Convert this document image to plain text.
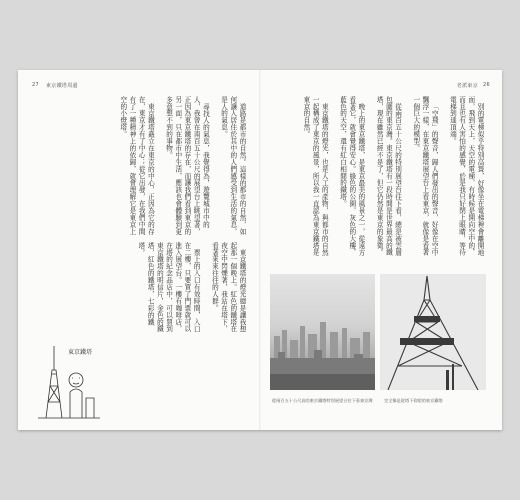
27 東京鐵塔周邊

道路是都市的自然。這樣的都市的自然，如何讓人居住於其中的人們感受到生活的氣息，是人的氣息。

尋找人的氣息，我覺得為，遊覽城市中的人，我曾在南百五十公尺的展望台上眺望著，正因為東京鐵塔的存在，而讓我們看到東京的另一面，只在都市中生活，應該也會體驗到更多意想不到的事物。

東京鐵塔矗立在東京的中心，正因為它的存在，東京才有了中心；從它出發，在我們中間有了一種精神上的依歸，就會理解它是東京上空的小燈塔。

東京鐵塔的燈光總是讓我想起那一個晚上。紅色的鐵塔在夜空中閃爍著，我站在塔下，看著來來往往的人群。

票上的入口有效時間，入口在二樓，只要買了門票就可以進入展望台。一樓有咖啡店，在塔的紀念品店中，可以買到東京鐵塔的明信片，金色的鐵塔，紅色的鐵塔，七彩的鐵塔。

東京鐵塔
老派東京 26

別的電梯似乎特別高聳，好像坐在電梯裡會離開地面，飛到天上，天空的電梯，有時候是開向空中的，而且也有人害怕的感覺，於是我只好閉上眼睛，等待電梯到達頂端。

「空飛」的聲音，歸人們發出的聲音，好像在空中飄浮一樣，在東京鐵塔展望台上看東京，就像是看著一個巨大的模型。

從兩百五十公尺的特別展望台往下看，總是被雲層包圍的東京灣。東京鐵塔有一段時間是世界最高的鐵塔，現在雖然已經不是了，但它仍然是東京的象徵。

晚上的東京鐵塔，是東京最美的風景之一，從遠方看著它，就會覺得安心。綠色的公園，灰色的大樓，藍色的天空，還有紅白相間的鐵塔。

東京鐵塔的燈光，也是人工的產物，與都市的自然一起構成了東京的風景，所以我一直認為東京鐵塔是東京的自然。

從兩百五十公尺高的東京鐵塔特別展望台往下看東京灣	完全像是從塔下仰望的東京鐵塔
